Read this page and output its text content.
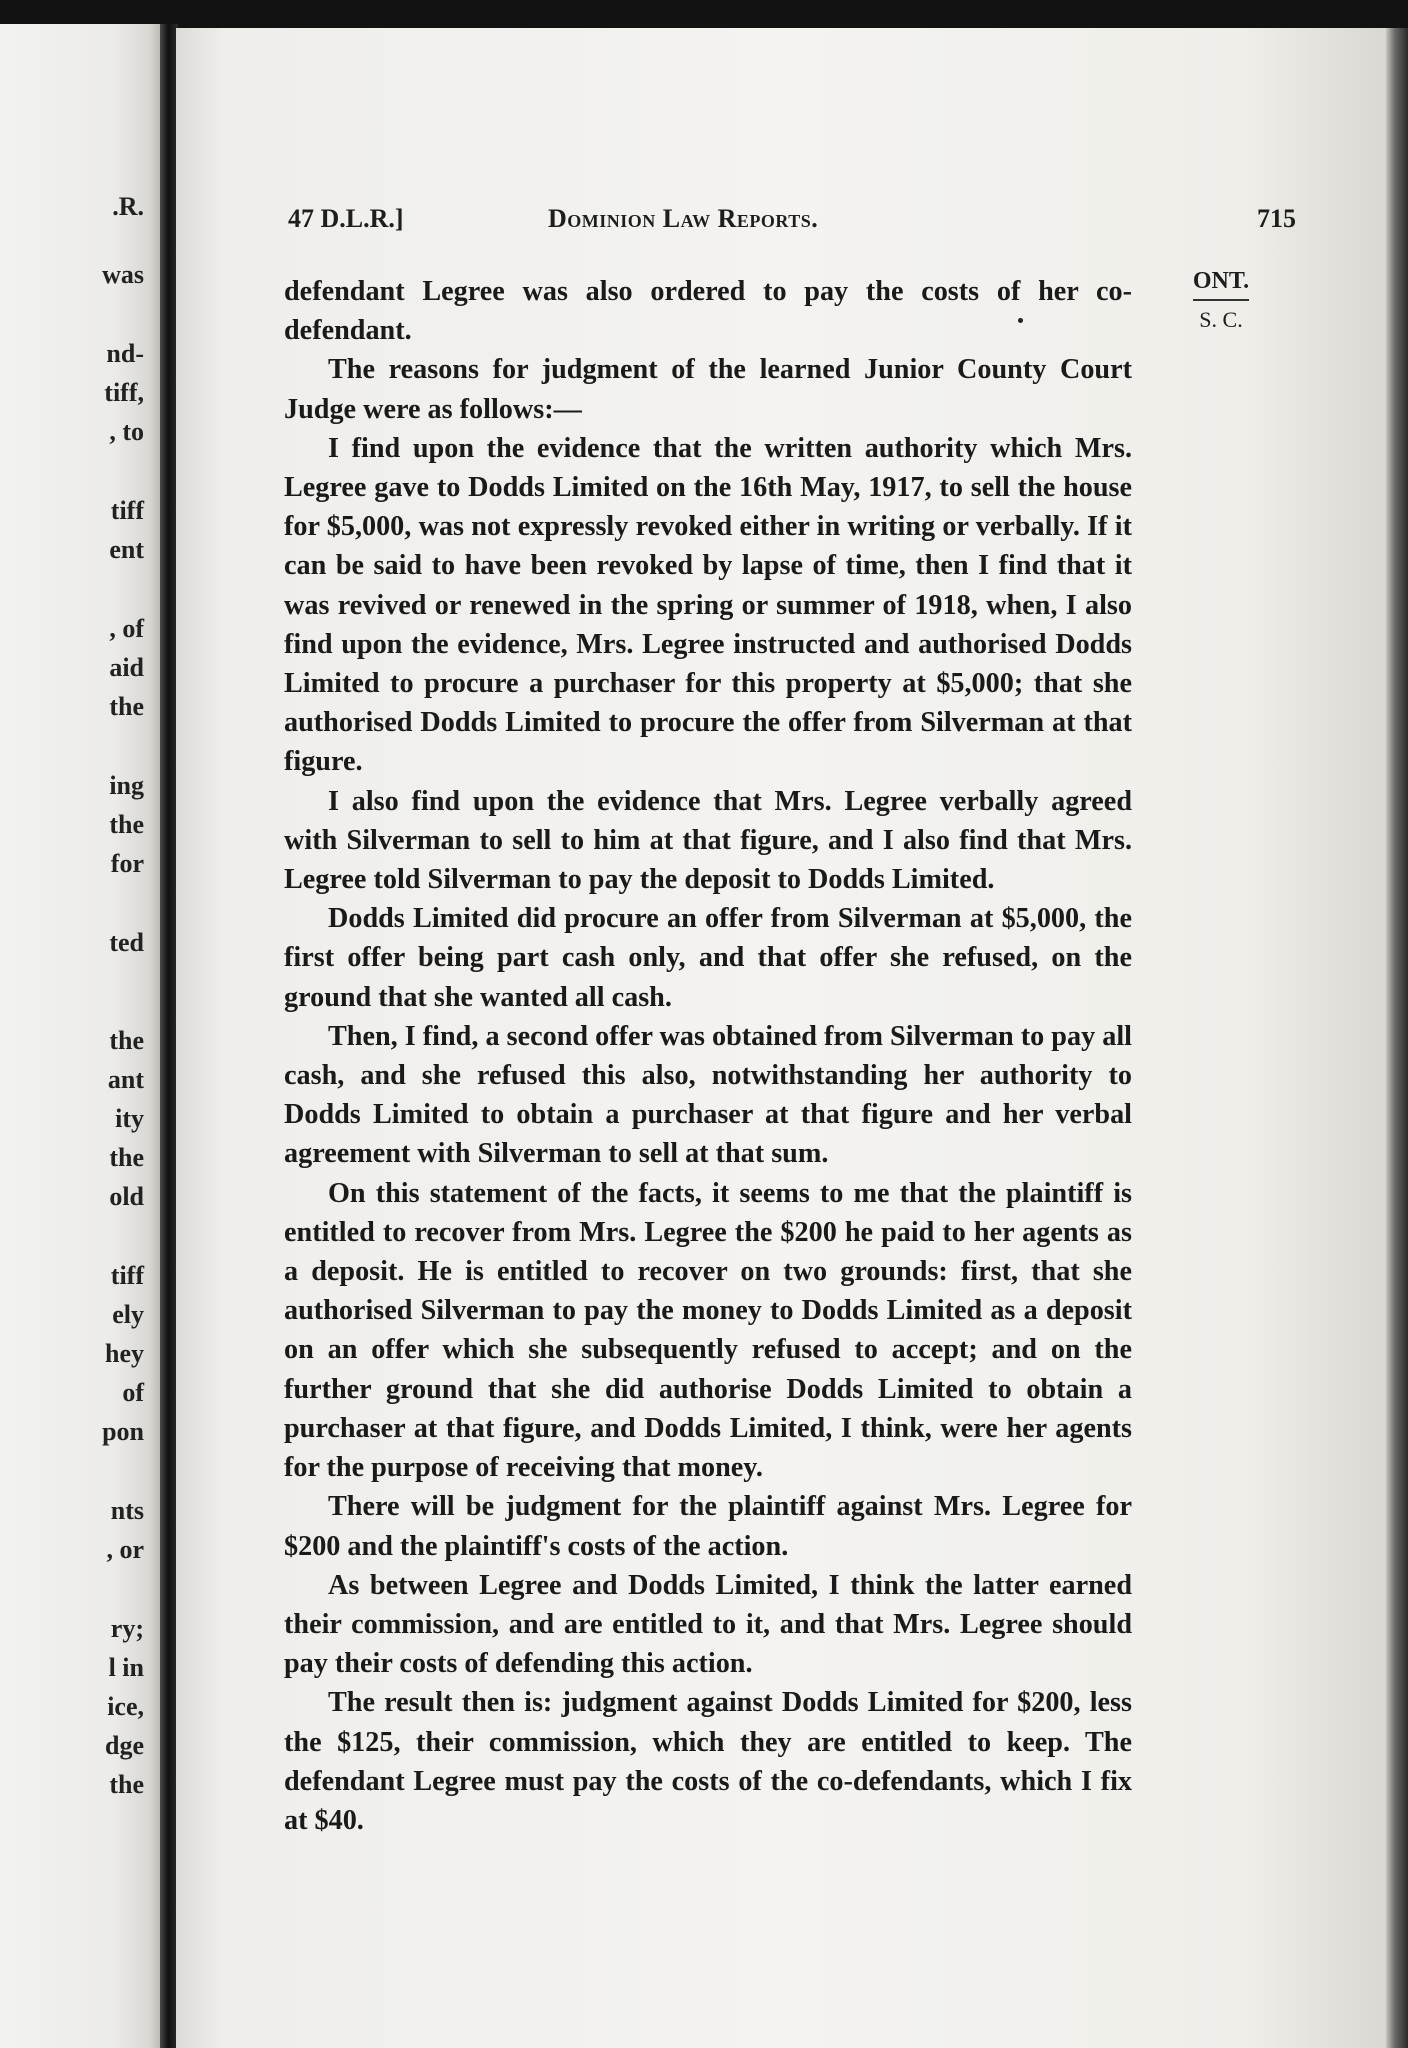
.R.
was
nd-
tiff,
, to
tiff
ent
, of
aid
the
ing
the
for
ted
the
ant
ity
the
old
tiff
ely
hey
of
pon
nts
, or
ry;
l in
ice,
dge
the
47 D.L.R.]	Dominion Law Reports.	715
ONT.
S. C.

defendant Legree was also ordered to pay the costs of her co-defendant.

The reasons for judgment of the learned Junior County Court Judge were as follows:—

I find upon the evidence that the written authority which Mrs. Legree gave to Dodds Limited on the 16th May, 1917, to sell the house for $5,000, was not expressly revoked either in writing or verbally. If it can be said to have been revoked by lapse of time, then I find that it was revived or renewed in the spring or summer of 1918, when, I also find upon the evidence, Mrs. Legree instructed and authorised Dodds Limited to procure a purchaser for this property at $5,000; that she authorised Dodds Limited to procure the offer from Silverman at that figure.

I also find upon the evidence that Mrs. Legree verbally agreed with Silverman to sell to him at that figure, and I also find that Mrs. Legree told Silverman to pay the deposit to Dodds Limited.

Dodds Limited did procure an offer from Silverman at $5,000, the first offer being part cash only, and that offer she refused, on the ground that she wanted all cash.

Then, I find, a second offer was obtained from Silverman to pay all cash, and she refused this also, notwithstanding her authority to Dodds Limited to obtain a purchaser at that figure and her verbal agreement with Silverman to sell at that sum.

On this statement of the facts, it seems to me that the plaintiff is entitled to recover from Mrs. Legree the $200 he paid to her agents as a deposit. He is entitled to recover on two grounds: first, that she authorised Silverman to pay the money to Dodds Limited as a deposit on an offer which she subsequently refused to accept; and on the further ground that she did authorise Dodds Limited to obtain a purchaser at that figure, and Dodds Limited, I think, were her agents for the purpose of receiving that money.

There will be judgment for the plaintiff against Mrs. Legree for $200 and the plaintiff's costs of the action.

As between Legree and Dodds Limited, I think the latter earned their commission, and are entitled to it, and that Mrs. Legree should pay their costs of defending this action.

The result then is: judgment against Dodds Limited for $200, less the $125, their commission, which they are entitled to keep. The defendant Legree must pay the costs of the co-defendants, which I fix at $40.
